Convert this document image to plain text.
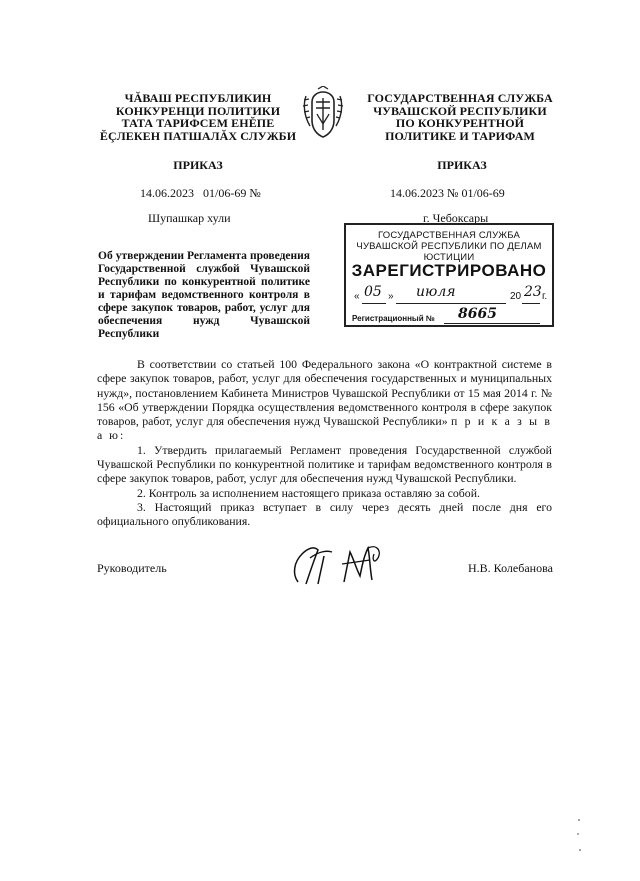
ЧĂВАШ РЕСПУБЛИКИН
КОНКУРЕНЦИ ПОЛИТИКИ
ТАТА ТАРИФСЕМ ЕНĔПЕ
ĔÇЛЕКЕН ПАТШАЛĂХ СЛУЖБИ
ГОСУДАРСТВЕННАЯ СЛУЖБА
ЧУВАШСКОЙ РЕСПУБЛИКИ
ПО КОНКУРЕНТНОЙ
ПОЛИТИКЕ И ТАРИФАМ
ПРИКАЗ	ПРИКАЗ
14.06.2023   01/06-69 №	14.06.2023 № 01/06-69
Шупашкар хули	г. Чебоксары
Об утверждении Регламента проведения Государственной службой Чувашской Республики по конкурентной политике и тарифам ведомственного контроля в сфере закупок товаров, работ, услуг для обеспечения нужд Чувашской Республики
ГОСУДАРСТВЕННАЯ СЛУЖБА ЧУВАШСКОЙ РЕСПУБЛИКИ ПО ДЕЛАМ ЮСТИЦИИ
ЗАРЕГИСТРИРОВАНО
« 05 » июля	20 23 г.
Регистрационный № 8665

В соответствии со статьей 100 Федерального закона «О контрактной системе в сфере закупок товаров, работ, услуг для обеспечения государственных и муниципальных нужд», постановлением Кабинета Министров Чувашской Республики от 15 мая 2014 г. № 156 «Об утверждении Порядка осуществления ведомственного контроля в сфере закупок товаров, работ, услуг для обеспечения нужд Чувашской Республики» п р и к а з ы в а ю:

1. Утвердить прилагаемый Регламент проведения Государственной службой Чувашской Республики по конкурентной политике и тарифам ведомственного контроля в сфере закупок товаров, работ, услуг для обеспечения нужд Чувашской Республики.

2. Контроль за исполнением настоящего приказа оставляю за собой.

3. Настоящий приказ вступает в силу через десять дней после дня его официального опубликования.

Руководитель	Н.В. Колебанова
